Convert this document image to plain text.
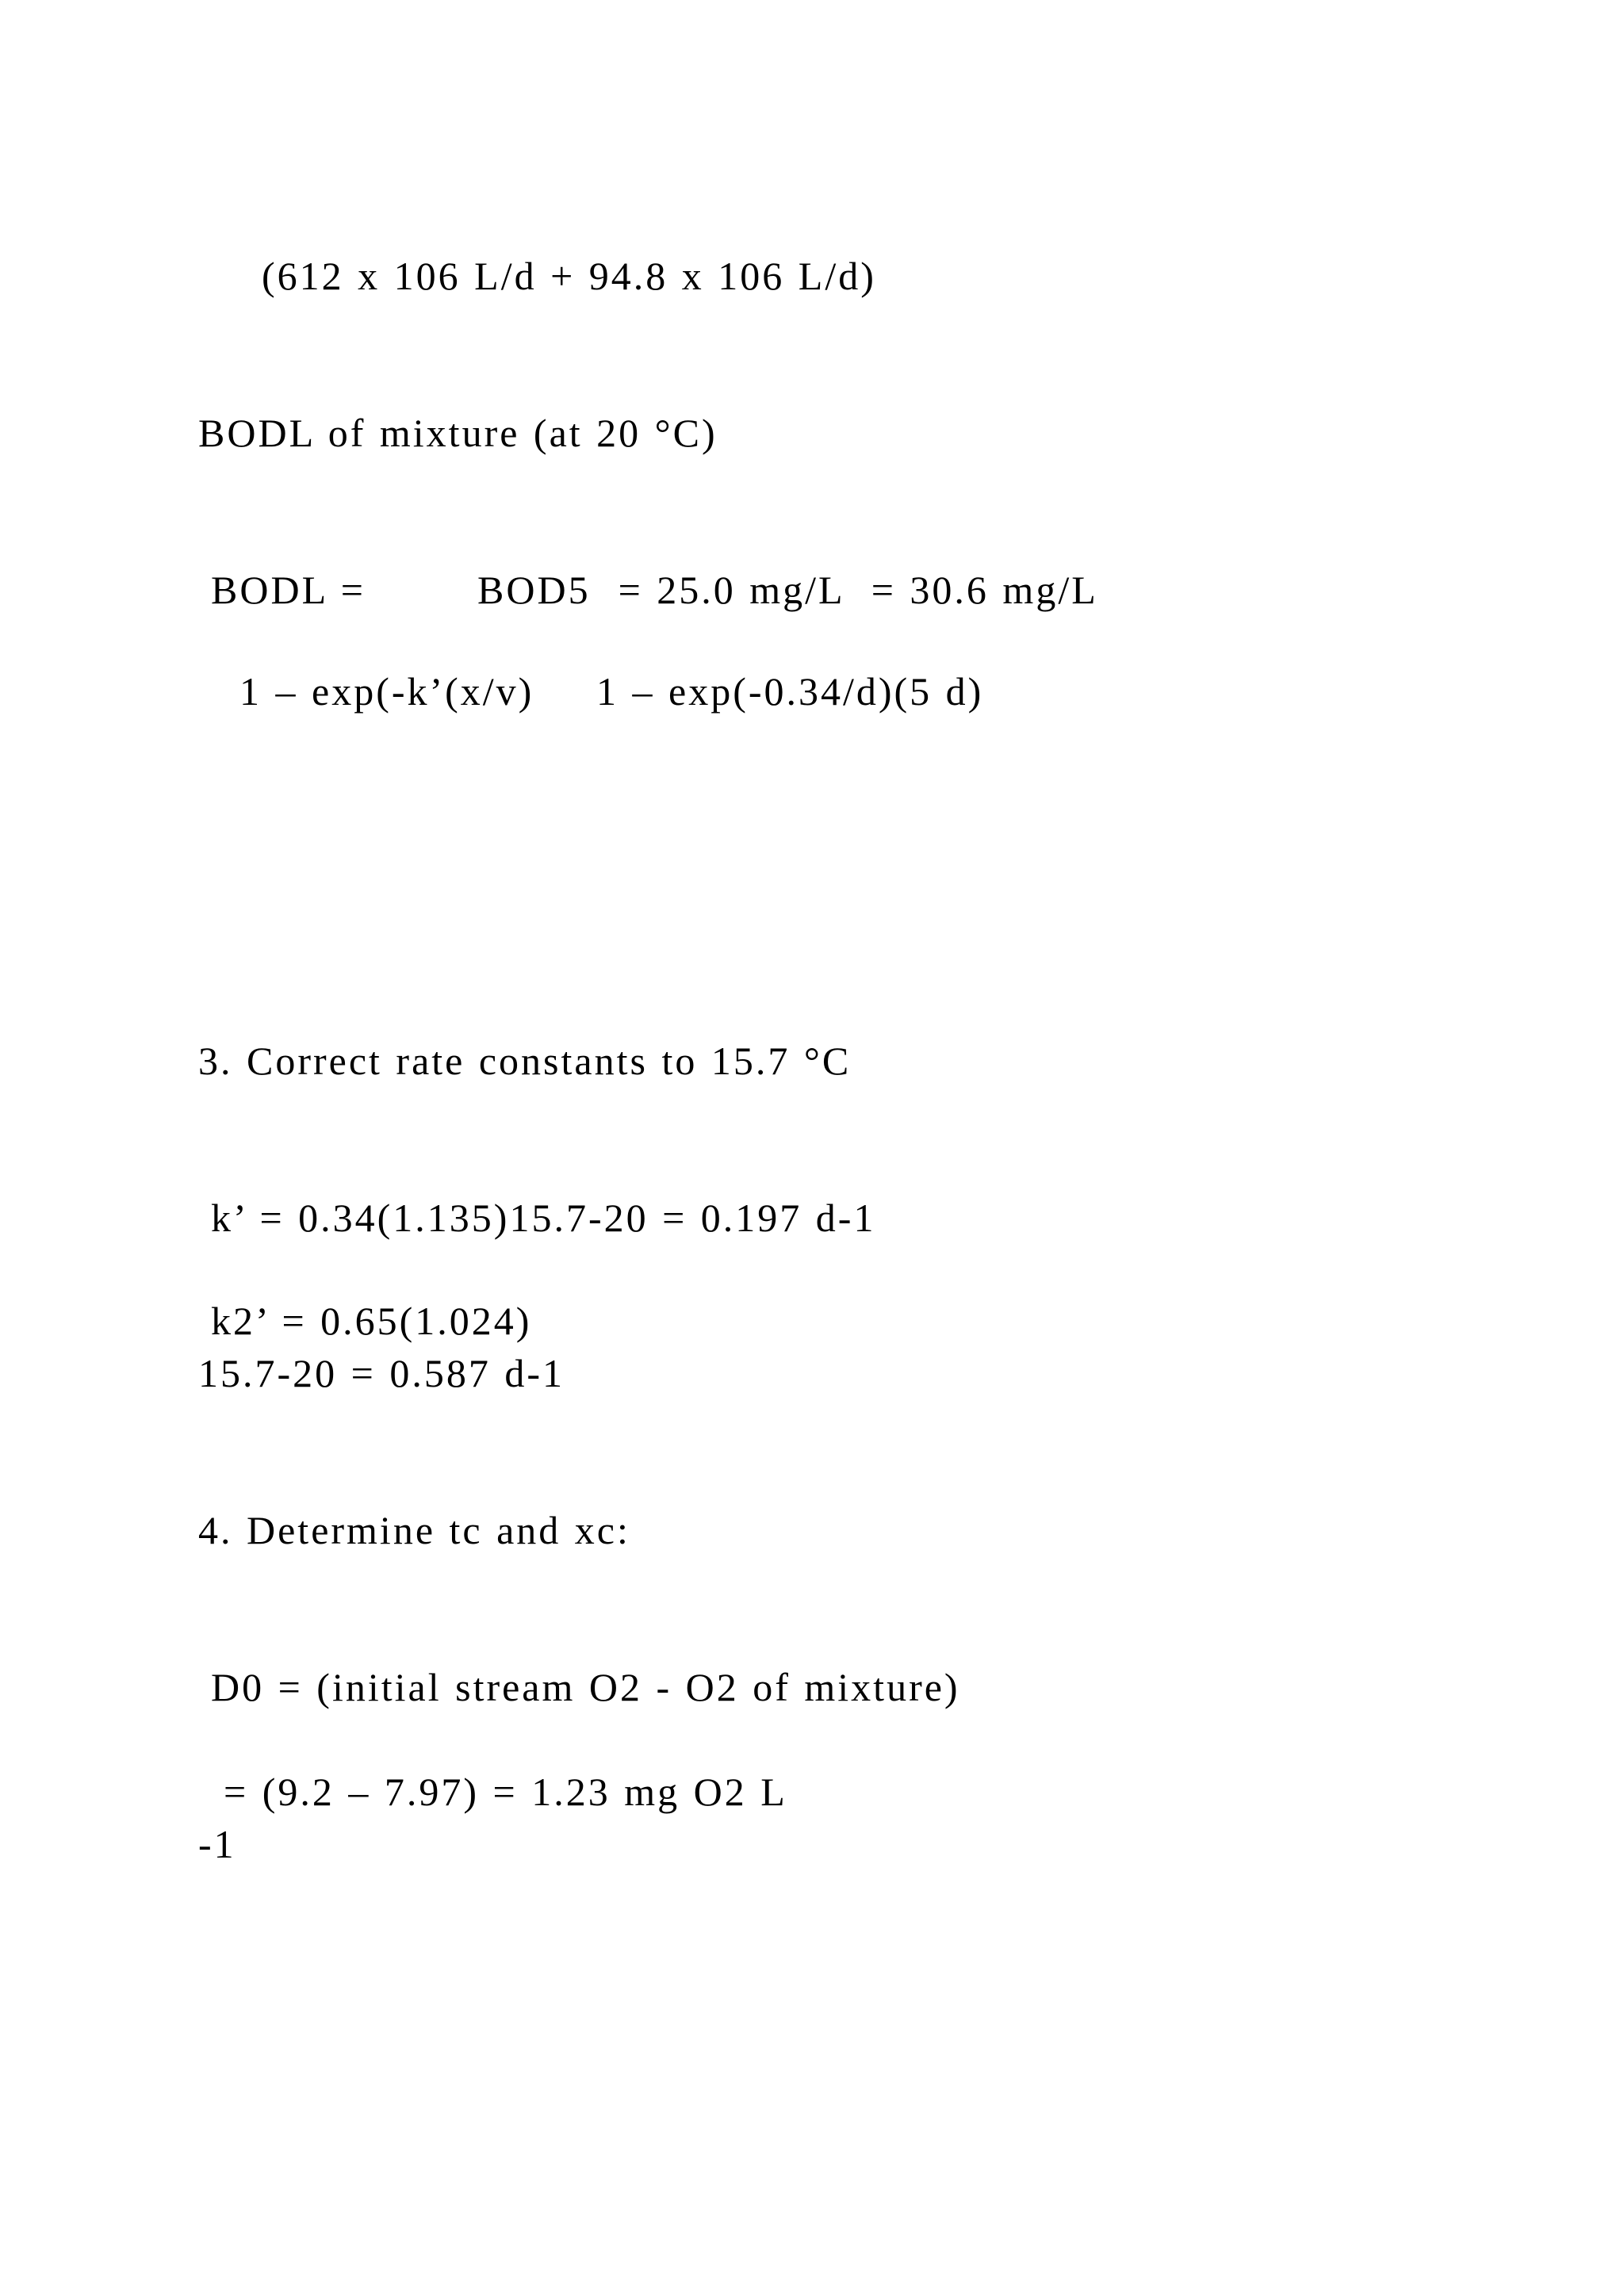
(612 x 106 L/d + 94.8 x 106 L/d)
BODL of mixture (at 20 °C)
BODL =	BOD5  = 25.0 mg/L  = 30.6 mg/L
1 – exp(-k’(x/v) 1 – exp(-0.34/d)(5 d)
3. Correct rate constants to 15.7 °C
k’ = 0.34(1.135)15.7-20 = 0.197 d-1
k2’ = 0.65(1.024)
15.7-20 = 0.587 d-1
4. Determine tc and xc:
D0 = (initial stream O2 - O2 of mixture)
= (9.2 – 7.97) = 1.23 mg O2 L
-1
